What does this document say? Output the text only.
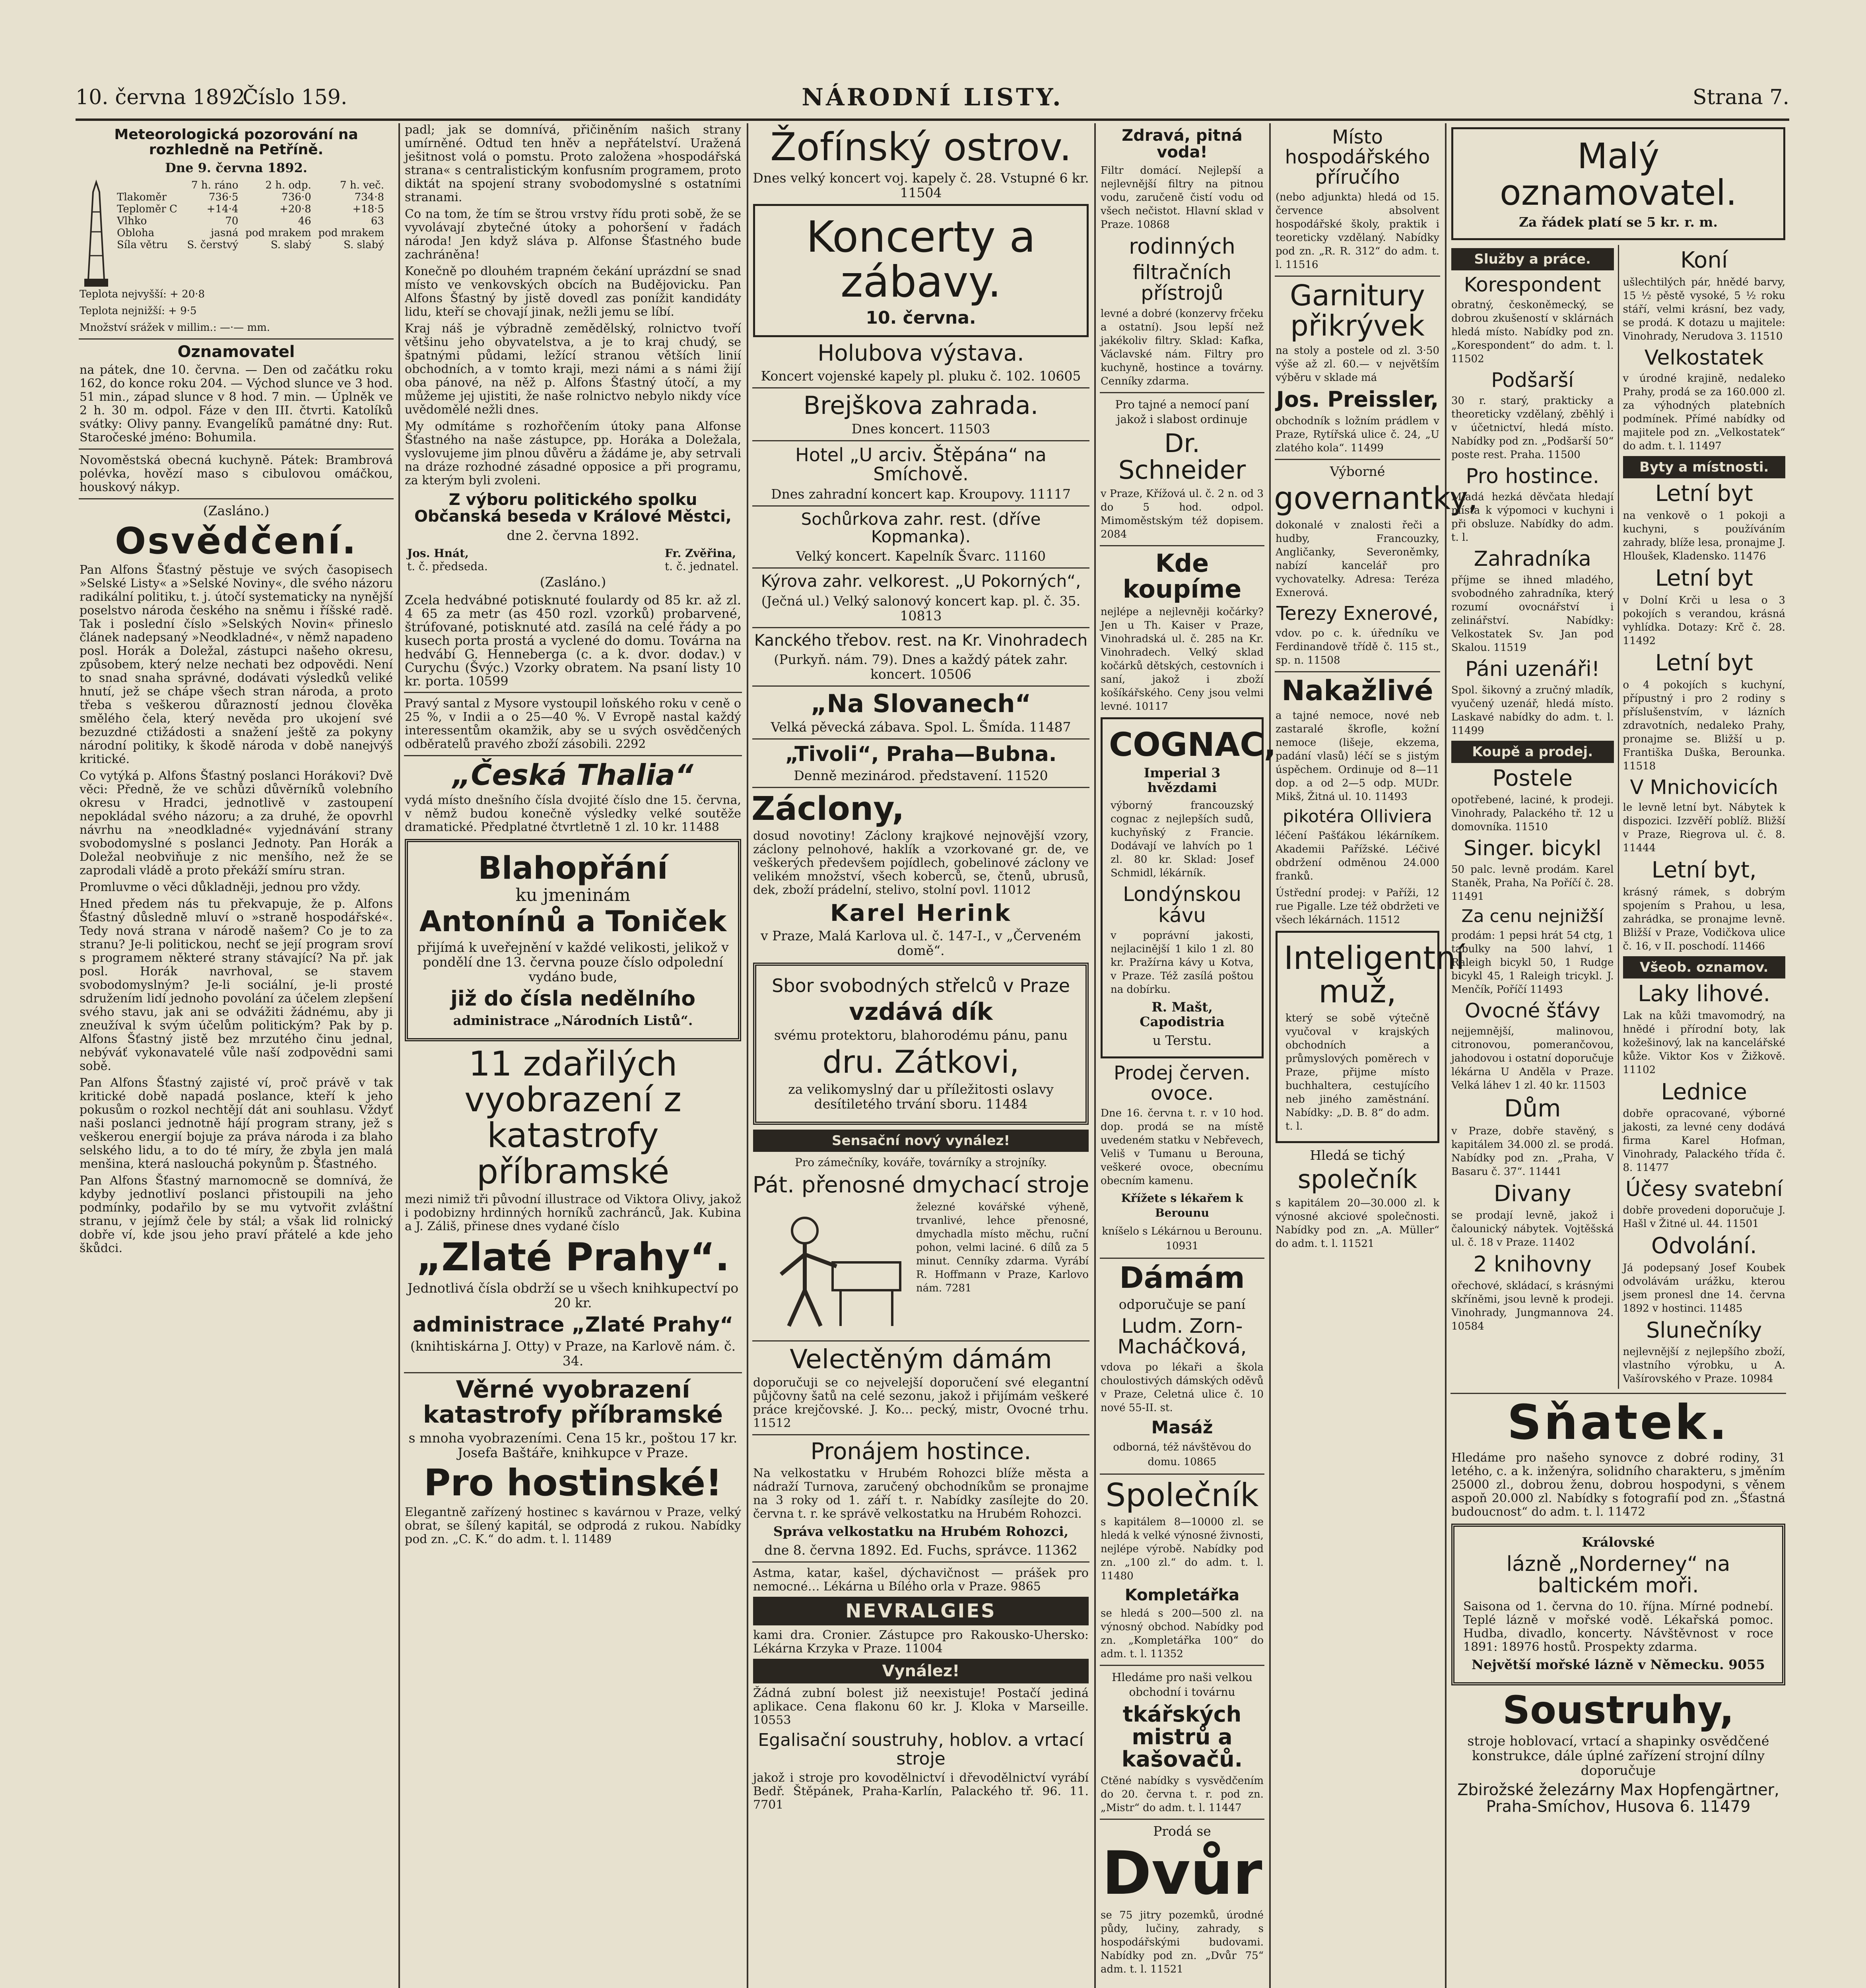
10. června 1892.	NÁRODNÍ LISTY.
Číslo 159.	Strana 7.
Meteorologická pozorování na rozhledně na Petříně.
Dne 9. června 1892.
	7 h. ráno	2 h. odp.	7 h. več.
Tlakoměr	736·5	736·0	734·8
Teploměr C	+14·4	+20·8	+18·5
Vlhko	70	46	63
Obloha	jasná	pod mrakem	pod mrakem
Síla větru	S. čerstvý	S. slabý	S. slabý
Teplota nejvyšší: + 20·8
Teplota nejnižší: + 9·5
Množství srážek v millim.: —·— mm.
Oznamovatel
na pátek, dne 10. června. — Den od začátku roku 162, do konce roku 204. — Východ slunce ve 3 hod. 51 min., západ slunce v 8 hod. 7 min. — Úplněk ve 2 h. 30 m. odpol. Fáze v den III. čtvrti. Katolíků svátky: Olivy panny. Evangelíků památné dny: Rut. Staročeské jméno: Bohumila.
Novoměstská obecná kuchyně. Pátek: Brambrová polévka, hovězí maso s cibulovou omáčkou, houskový nákyp.
(Zasláno.)
Osvědčení.
Pan Alfons Šťastný pěstuje ve svých časopisech »Selské Listy« a »Selské Noviny«, dle svého názoru radikální politiku, t. j. útočí systematicky na nynější poselstvo národa českého na sněmu i říšské radě. Tak i poslední číslo »Selských Novin« přineslo článek nadepsaný »Neodkladné«, v němž napadeno posl. Horák a Doležal, zástupci našeho okresu, způsobem, který nelze nechati bez odpovědi. Není to snad snaha správné, dodávati výsledků veliké hnutí, jež se chápe všech stran národa, a proto třeba s veškerou důrazností jednou člověka smělého čela, který nevěda pro ukojení své bezuzdné ctižádosti a snažení ještě za pokyny národní politiky, k škodě národa v době nanejvýš kritické.
Co vytýká p. Alfons Šťastný poslanci Horákovi? Dvě věci: Předně, že ve schůzi důvěrníků volebního okresu v Hradci, jednotlivě v zastoupení nepokládal svého názoru; a za druhé, že opovrhl návrhu na »neodkladné« vyjednávání strany svobodomyslné s poslanci Jednoty. Pan Horák a Doležal neobviňuje z nic menšího, než že se zaprodali vládě a proto překáží smíru stran.
Promluvme o věci důkladněji, jednou pro vždy.
Hned předem nás tu překvapuje, že p. Alfons Šťastný důsledně mluví o »straně hospodářské«. Tedy nová strana v národě našem? Co je to za stranu? Je-li politickou, nechť se její program sroví s programem některé strany stávající? Na př. jak posl. Horák navrhoval, se stavem svobodomyslným? Je-li sociální, je-li prosté sdružením lidí jednoho povolání za účelem zlepšení svého stavu, jak ani se odvážiti žádnému, aby ji zneužíval k svým účelům politickým? Pak by p. Alfons Šťastný jistě bez mrzutého činu jednal, nebýváť vykonavatelé vůle naší zodpovědni sami sobě.
Pan Alfons Šťastný zajisté ví, proč právě v tak kritické době napadá poslance, kteří k jeho pokusům o rozkol nechtějí dát ani souhlasu. Vždyť naši poslanci jednotně hájí program strany, jež s veškerou energií bojuje za práva národa i za blaho selského lidu, a to do té míry, že zbyla jen malá menšina, která naslouchá pokynům p. Šťastného.
Pan Alfons Šťastný marnomocně se domnívá, že kdyby jednotliví poslanci přistoupili na jeho podmínky, podařilo by se mu vytvořit zvláštní stranu, v jejímž čele by stál; a však lid rolnický dobře ví, kde jsou jeho praví přátelé a kde jeho škůdci.
padl; jak se domnívá, přičiněním našich strany umírněné. Odtud ten hněv a nepřátelství. Uražená ješitnost volá o pomstu. Proto založena »hospodářská strana« s centralistickým konfusním programem, proto diktát na spojení strany svobodomyslné s ostatními stranami.
Co na tom, že tím se štrou vrstvy řídu proti sobě, že se vyvolávají zbytečné útoky a pohoršení v řadách národa! Jen když sláva p. Alfonse Šťastného bude zachráněna!
Konečně po dlouhém trapném čekání uprázdní se snad místo ve venkovských obcích na Budějovicku. Pan Alfons Šťastný by jistě dovedl zas ponížit kandidáty lidu, kteří se chovají jinak, nežli jemu se líbí.
Kraj náš je výbradně zemědělský, rolnictvo tvoří většinu jeho obyvatelstva, a je to kraj chudý, se špatnými půdami, ležící stranou větších linií obchodních, a v tomto kraji, mezi námi a s námi žijí oba pánové, na něž p. Alfons Šťastný útočí, a my můžeme jej ujistiti, že naše rolnictvo nebylo nikdy více uvědomělé nežli dnes.
My odmítáme s rozhořčením útoky pana Alfonse Šťastného na naše zástupce, pp. Horáka a Doležala, vyslovujeme jim plnou důvěru a žádáme je, aby setrvali na dráze rozhodné zásadné opposice a při programu, za kterým byli zvoleni.
Z výboru politického spolku Občanská beseda v Králové Městci,
dne 2. června 1892.
Jos. Hnát,
t. č. předseda.
Fr. Zvěřina,
t. č. jednatel.
(Zasláno.)
Zcela hedvábné potisknuté foulardy od 85 kr. až zl. 4 65 za metr (as 450 rozl. vzorků) probarvené, štrúfované, potisknuté atd. zasílá na celé řády a po kusech porta prostá a vyclené do domu. Továrna na hedvábí G. Henneberga (c. a k. dvor. dodav.) v Curychu (Švýc.) Vzorky obratem. Na psaní listy 10 kr. porta. 10599
Pravý santal z Mysore vystoupil loňského roku v ceně o 25 %, v Indii a o 25—40 %. V Evropě nastal každý interessentům okamžik, aby se u svých osvědčených odběratelů pravého zboží zásobili. 2292
„Česká Thalia“
vydá místo dnešního čísla dvojité číslo dne 15. června, v němž budou konečně výsledky velké soutěže dramatické. Předplatné čtvrtletně 1 zl. 10 kr. 11488
Blahopřání
ku jmeninám
Antonínů a Toniček
přijímá k uveřejnění v každé velikosti, jelikož v pondělí dne 13. června pouze číslo odpolední vydáno bude,
již do čísla nedělního
administrace „Národních Listů“.
11 zdařilých vyobrazení z katastrofy příbramské
mezi nimiž tři původní illustrace od Viktora Olivy, jakož i podobizny hrdinných horníků zachránců, Jak. Kubina a J. Záliš, přinese dnes vydané číslo
„Zlaté Prahy“.
Jednotlivá čísla obdrží se u všech knihkupectví po 20 kr.
administrace „Zlaté Prahy“
(knihtiskárna J. Otty) v Praze, na Karlově nám. č. 34.
Věrné vyobrazení katastrofy příbramské
s mnoha vyobrazeními. Cena 15 kr., poštou 17 kr. Josefa Baštáře, knihkupce v Praze.
Pro hostinské!
Elegantně zařízený hostinec s kavárnou v Praze, velký obrat, se šílený kapitál, se odprodá z rukou. Nabídky pod zn. „C. K.“ do adm. t. l. 11489
Žofínský ostrov.
Dnes velký koncert voj. kapely č. 28. Vstupné 6 kr. 11504
Koncerty a zábavy.
10. června.
Holubova výstava.
Koncert vojenské kapely pl. pluku č. 102. 10605
Brejškova zahrada.
Dnes koncert. 11503
Hotel „U arciv. Štěpána“ na Smíchově.
Dnes zahradní koncert kap. Kroupovy. 11117
Sochůrkova zahr. rest. (dříve Kopmanka).
Velký koncert. Kapelník Švarc. 11160
Kýrova zahr. velkorest. „U Pokorných“,
(Ječná ul.) Velký salonový koncert kap. pl. č. 35. 10813
Kanckého třebov. rest. na Kr. Vinohradech
(Purkyň. nám. 79). Dnes a každý pátek zahr. koncert. 10506
„Na Slovanech“
Velká pěvecká zábava. Spol. L. Šmída. 11487
„Tivoli“, Praha—Bubna.
Denně mezinárod. představení. 11520
Záclony,
dosud novotiny! Záclony krajkové nejnovější vzory, záclony pelnohové, haklík a vzorkované gr. de, ve veškerých předevšem pojídlech, gobelinové záclony ve velikém množství, všech koberců, se, čtenů, ubrusů, dek, zboží prádelní, stelivo, stolní povl. 11012
Karel Herink
v Praze, Malá Karlova ul. č. 147-I., v „Červeném domě“.
Sbor svobodných střelců v Praze
vzdává dík
svému protektoru, blahorodému pánu, panu
dru. Zátkovi,
za velikomyslný dar u příležitosti oslavy desítiletého trvání sboru. 11484
Sensační nový vynález!
Pro zámečníky, kováře, továrníky a strojníky.
Pát. přenosné dmychací stroje
železné kovářské výheně, trvanlivé, lehce přenosné, dmychadla místo měchu, ruční pohon, velmi laciné. 6 dílů za 5 minut. Cenníky zdarma. Vyrábí R. Hoffmann v Praze, Karlovo nám. 7281
Velectěným dámám
doporučuji se co nejvelejší doporučení své elegantní půjčovny šatů na celé sezonu, jakož i přijímám veškeré práce krejčovské. J. Ko… pecký, mistr, Ovocné trhu. 11512
Pronájem hostince.
Na velkostatku v Hrubém Rohozci blíže města a nádraží Turnova, zaručený obchodníkům se pronajme na 3 roky od 1. září t. r. Nabídky zasílejte do 20. června t. r. ke správě velkostatku na Hrubém Rohozci.
Správa velkostatku na Hrubém Rohozci,
dne 8. června 1892. Ed. Fuchs, správce. 11362
Astma, katar, kašel, dýchavičnost — prášek pro nemocné… Lékárna u Bílého orla v Praze. 9865
NEVRALGIES
kami dra. Cronier. Zástupce pro Rakousko-Uhersko: Lékárna Krzyka v Praze. 11004
Vynález!
Žádná zubní bolest již neexistuje! Postačí jediná aplikace. Cena flakonu 60 kr. J. Kloka v Marseille. 10553
Egalisační soustruhy, hoblov. a vrtací stroje
jakož i stroje pro kovodělnictví i dřevodělnictví vyrábí Bedř. Štěpánek, Praha-Karlín, Palackého tř. 96. 11. 7701
Zdravá, pitná voda!
Filtr domácí. Nejlepší a nejlevnější filtry na pitnou vodu, zaručeně čistí vodu od všech nečistot. Hlavní sklad v Praze. 10868
rodinných
filtračních přístrojů
levné a dobré (konzervy frčeku a ostatní). Jsou lepší než jakékoliv filtry. Sklad: Kafka, Václavské nám. Filtry pro kuchyně, hostince a továrny. Cenníky zdarma.
Pro tajné a nemocí paní jakož i slabost ordinuje
Dr. Schneider
v Praze, Křížová ul. č. 2 n. od 3 do 5 hod. odpol. Mimoměstským též dopisem. 2084
Kde koupíme
nejlépe a nejlevněji kočárky? Jen u Th. Kaiser v Praze, Vinohradská ul. č. 285 na Kr. Vinohradech. Velký sklad kočárků dětských, cestovních i saní, jakož i zboží košíkářského. Ceny jsou velmi levné. 10117
COGNAC,
Imperial 3 hvězdami
výborný francouzský cognac z nejlepších sudů, kuchyňský z Francie. Dodávají ve lahvích po 1 zl. 80 kr. Sklad: Josef Schmidl, lékárník.
Londýnskou kávu
v poprávní jakosti, nejlacinější 1 kilo 1 zl. 80 kr. Pražírna kávy u Kotva, v Praze. Též zasílá poštou na dobírku.
R. Mašt, Capodistria
u Terstu.
Prodej červen. ovoce.
Dne 16. června t. r. v 10 hod. dop. prodá se na místě uvedeném statku v Nebřevech, Veliš v Tumanu u Berouna, veškeré ovoce, obecnímu obecním kamenu.
Křížete s lékařem k Berounu
kníšelo s Lékárnou u Berounu. 10931
Dámám
odporučuje se paní
Ludm. Zorn-Macháčková,
vdova po lékaři a škola choulostivých dámských oděvů v Praze, Celetná ulice č. 10 nové 55-II. st.
Masáž
odborná, též návštěvou do domu. 10865
Společník
s kapitálem 8—10000 zl. se hledá k velké výnosné živnosti, nejlépe výrobě. Nabídky pod zn. „100 zl.“ do adm. t. l. 11480
Kompletářka
se hledá s 200—500 zl. na výnosný obchod. Nabídky pod zn. „Kompletářka 100“ do adm. t. l. 11352
Hledáme pro naši velkou obchodní i továrnu
tkářských mistrů a kašovačů.
Ctěné nabídky s vysvědčením do 20. června t. r. pod zn. „Mistr“ do adm. t. l. 11447
Prodá se
Dvůr
se 75 jitry pozemků, úrodné půdy, lučiny, zahrady, s hospodářskými budovami. Nabídky pod zn. „Dvůr 75“ adm. t. l. 11521
Místo hospodářského příručího
(nebo adjunkta) hledá od 15. července absolvent hospodářské školy, praktik i teoreticky vzdělaný. Nabídky pod zn. „R. R. 312“ do adm. t. l. 11516
Garnitury přikrývek
na stoly a postele od zl. 3·50 výše až zl. 60.— v největším výběru v sklade má
Jos. Preissler,
obchodník s ložním prádlem v Praze, Rytířská ulice č. 24, „U zlatého kola“. 11499
Výborné
governantky,
dokonalé v znalosti řeči a hudby, Francouzky, Angličanky, Severoněmky, nabízí kancelář pro vychovatelky. Adresa: Teréza Exnerová.
Terezy Exnerové,
vdov. po c. k. úředníku ve Ferdinandově třídě č. 115 st., sp. n. 11508
Nakažlivé
a tajné nemoce, nové neb zastaralé škrofle, kožní nemoce (lišeje, ekzema, padání vlasů) léčí se s jistým úspěchem. Ordinuje od 8—11 dop. a od 2—5 odp. MUDr. Mikš, Žitná ul. 10. 11493
pikotéra Olliviera
léčení Pašťákou lékárníkem. Akademii Pařížské. Léčivé obdržení odměnou 24.000 franků.
Ústřední prodej: v Paříži, 12 rue Pigalle. Lze též obdržeti ve všech lékárnách. 11512
Inteligentní muž,
který se sobě výtečně vyučoval v krajských obchodních a průmyslových poměrech v Praze, přijme místo buchhaltera, cestujícího neb jiného zaměstnání. Nabídky: „D. B. 8“ do adm. t. l.
Hledá se tichý
společník
s kapitálem 20—30.000 zl. k výnosné akciové společnosti. Nabídky pod zn. „A. Müller“ do adm. t. l. 11521
Malý oznamovatel.
Za řádek platí se 5 kr. r. m.
Služby a práce.
Korespondent
obratný, českoněmecký, se dobrou zkušeností v sklárnách hledá místo. Nabídky pod zn. „Korespondent“ do adm. t. l. 11502
Podšarší
30 r. starý, prakticky a theoreticky vzdělaný, zběhlý i v účetnictví, hledá místo. Nabídky pod zn. „Podšarší 50“ poste rest. Praha. 11500
Pro hostince.
Mladá hezká děvčata hledají místa k výpomoci v kuchyni i při obsluze. Nabídky do adm. t. l.
Zahradníka
příjme se ihned mladého, svobodného zahradníka, který rozumí ovocnářství i zelinářství. Nabídky: Velkostatek Sv. Jan pod Skalou. 11519
Páni uzenáři!
Spol. šikovný a zručný mladík, vyučený uzenář, hledá místo. Laskavé nabídky do adm. t. l. 11499
Koupě a prodej.
Postele
opotřebené, laciné, k prodeji. Vinohrady, Palackého tř. 12 u domovníka. 11510
Singer. bicykl
50 palc. levně prodám. Karel Staněk, Praha, Na Poříčí č. 28. 11491
Za cenu nejnižší
prodám: 1 pepsi hrát 54 ctg, 1 tabulky na 500 lahví, 1 Raleigh bicykl 50, 1 Rudge bicykl 45, 1 Raleigh tricykl. J. Menčík, Poříčí 11493
Ovocné šťávy
nejjemnější, malinovou, citronovou, pomerančovou, jahodovou i ostatní doporučuje lékárna U Anděla v Praze. Velká láhev 1 zl. 40 kr. 11503
Dům
v Praze, dobře stavěný, s kapitálem 34.000 zl. se prodá. Nabídky pod zn. „Praha, V Basaru č. 37“. 11441
Divany
se prodají levně, jakož i čalounický nábytek. Vojtěšská ul. č. 18 v Praze. 11402
2 knihovny
ořechové, skládací, s krásnými skříněmi, jsou levně k prodeji. Vinohrady, Jungmannova 24. 10584
Koní
ušlechtilých pár, hnědé barvy, 15 ½ pěstě vysoké, 5 ½ roku stáří, velmi krásní, bez vady, se prodá. K dotazu u majitele: Vinohrady, Nerudova 3. 11510
Velkostatek
v úrodné krajině, nedaleko Prahy, prodá se za 160.000 zl. za výhodných platebních podmínek. Přímé nabídky od majitele pod zn. „Velkostatek“ do adm. t. l. 11497
Byty a místnosti.
Letní byt
na venkově o 1 pokoji a kuchyni, s používáním zahrady, blíže lesa, pronajme J. Hloušek, Kladensko. 11476
Letní byt
v Dolní Krči u lesa o 3 pokojích s verandou, krásná vyhlídka. Dotazy: Krč č. 28. 11492
Letní byt
o 4 pokojích s kuchyní, přípustný i pro 2 rodiny s příslušenstvím, v lázních zdravotních, nedaleko Prahy, pronajme se. Bližší u p. Františka Duška, Berounka. 11518
V Mnichovicích
le levně letní byt. Nábytek k dispozici. Izzvěří poblíž. Bližší v Praze, Riegrova ul. č. 8. 11444
Letní byt,
krásný rámek, s dobrým spojením s Prahou, u lesa, zahrádka, se pronajme levně. Bližší v Praze, Vodičkova ulice č. 16, v II. poschodí. 11466
Všeob. oznamov.
Laky lihové.
Lak na kůži tmavomodrý, na hnědé i přírodní boty, lak kožešinový, lak na kancelářské kůže. Viktor Kos v Žižkově. 11102
Lednice
dobře opracované, výborné jakosti, za levné ceny dodává firma Karel Hofman, Vinohrady, Palackého třída č. 8. 11477
Účesy svatební
dobře provedeni doporučuje J. Hašl v Žitné ul. 44. 11501
Odvolání.
Já podepsaný Josef Koubek odvolávám urážku, kterou jsem pronesl dne 14. června 1892 v hostinci. 11485
Slunečníky
nejlevnější z nejlepšího zboží, vlastního výrobku, u A. Vašírovského v Praze. 10984
Sňatek.
Hledáme pro našeho synovce z dobré rodiny, 31 letého, c. a k. inženýra, solidního charakteru, s jměním 25000 zl., dobrou ženu, dobrou hospodyni, s věnem aspoň 20.000 zl. Nabídky s fotografií pod zn. „Šťastná budoucnost“ do adm. t. l. 11472
Královské
lázně „Norderney“ na baltickém moři.
Saisona od 1. června do 10. října. Mírné podnebí. Teplé lázně v mořské vodě. Lékařská pomoc. Hudba, divadlo, koncerty. Návštěvnost v roce 1891: 18976 hostů. Prospekty zdarma.
Největší mořské lázně v Německu. 9055
Soustruhy,
stroje hoblovací, vrtací a shapinky osvědčené konstrukce, dále úplné zařízení strojní dílny doporučuje
Zbirožské železárny Max Hopfengärtner, Praha-Smíchov, Husova 6. 11479
